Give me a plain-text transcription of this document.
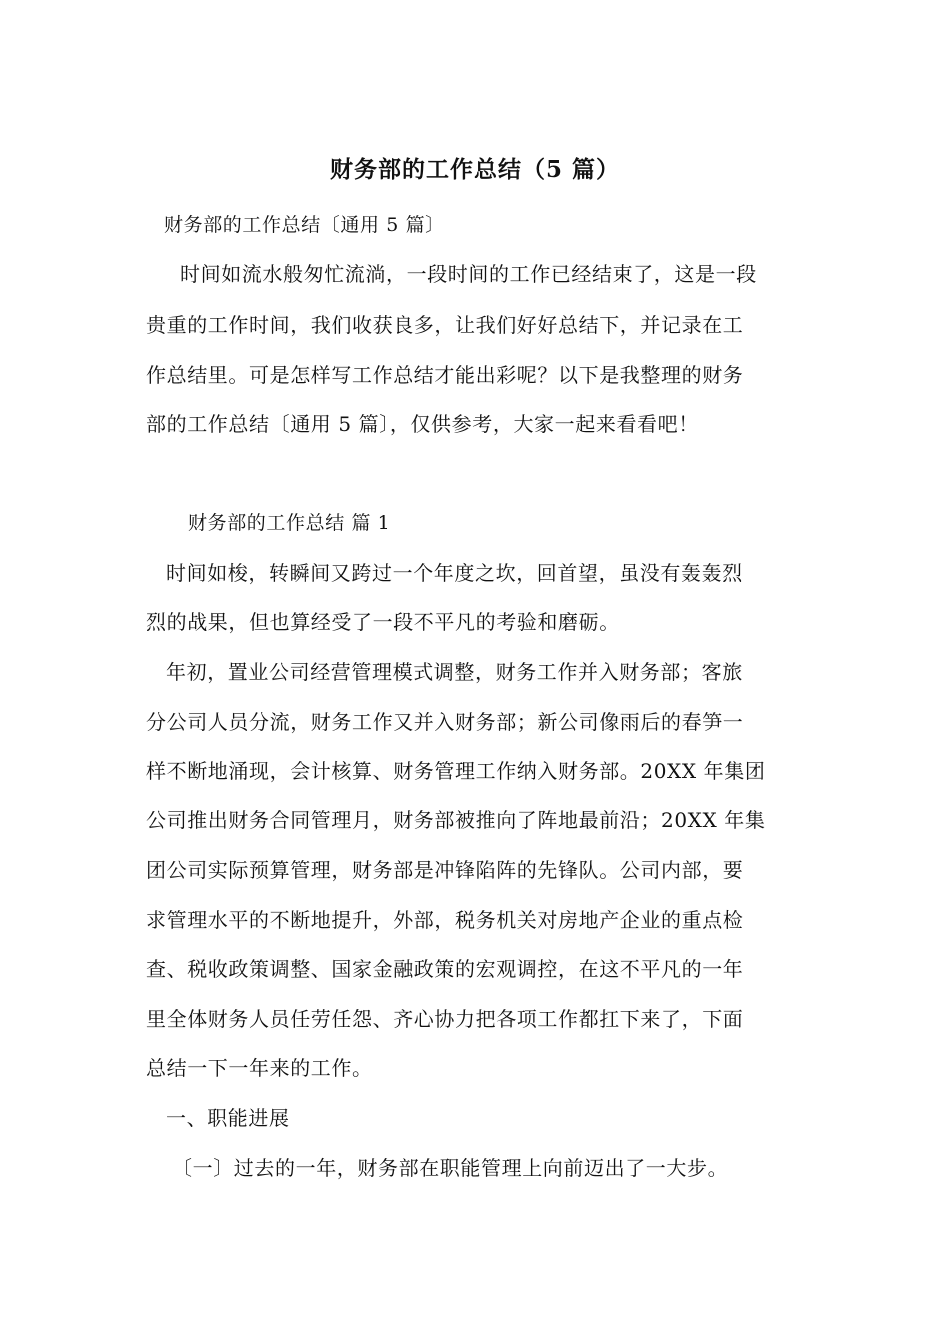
财务部的工作总结（5 篇）
财务部的工作总结〔通用 5 篇〕
时间如流水般匆忙流淌，一段时间的工作已经结束了，这是一段
贵重的工作时间，我们收获良多，让我们好好总结下，并记录在工
作总结里。可是怎样写工作总结才能出彩呢？以下是我整理的财务
部的工作总结〔通用 5 篇〕，仅供参考，大家一起来看看吧！
财务部的工作总结 篇 1
时间如梭，转瞬间又跨过一个年度之坎，回首望，虽没有轰轰烈
烈的战果，但也算经受了一段不平凡的考验和磨砺。
年初，置业公司经营管理模式调整，财务工作并入财务部；客旅
分公司人员分流，财务工作又并入财务部；新公司像雨后的春笋一
样不断地涌现，会计核算、财务管理工作纳入财务部。20XX 年集团
公司推出财务合同管理月，财务部被推向了阵地最前沿；20XX 年集
团公司实际预算管理，财务部是冲锋陷阵的先锋队。公司内部，要
求管理水平的不断地提升，外部，税务机关对房地产企业的重点检
查、税收政策调整、国家金融政策的宏观调控，在这不平凡的一年
里全体财务人员任劳任怨、齐心协力把各项工作都扛下来了，下面
总结一下一年来的工作。
一、职能进展
〔一〕过去的一年，财务部在职能管理上向前迈出了一大步。
